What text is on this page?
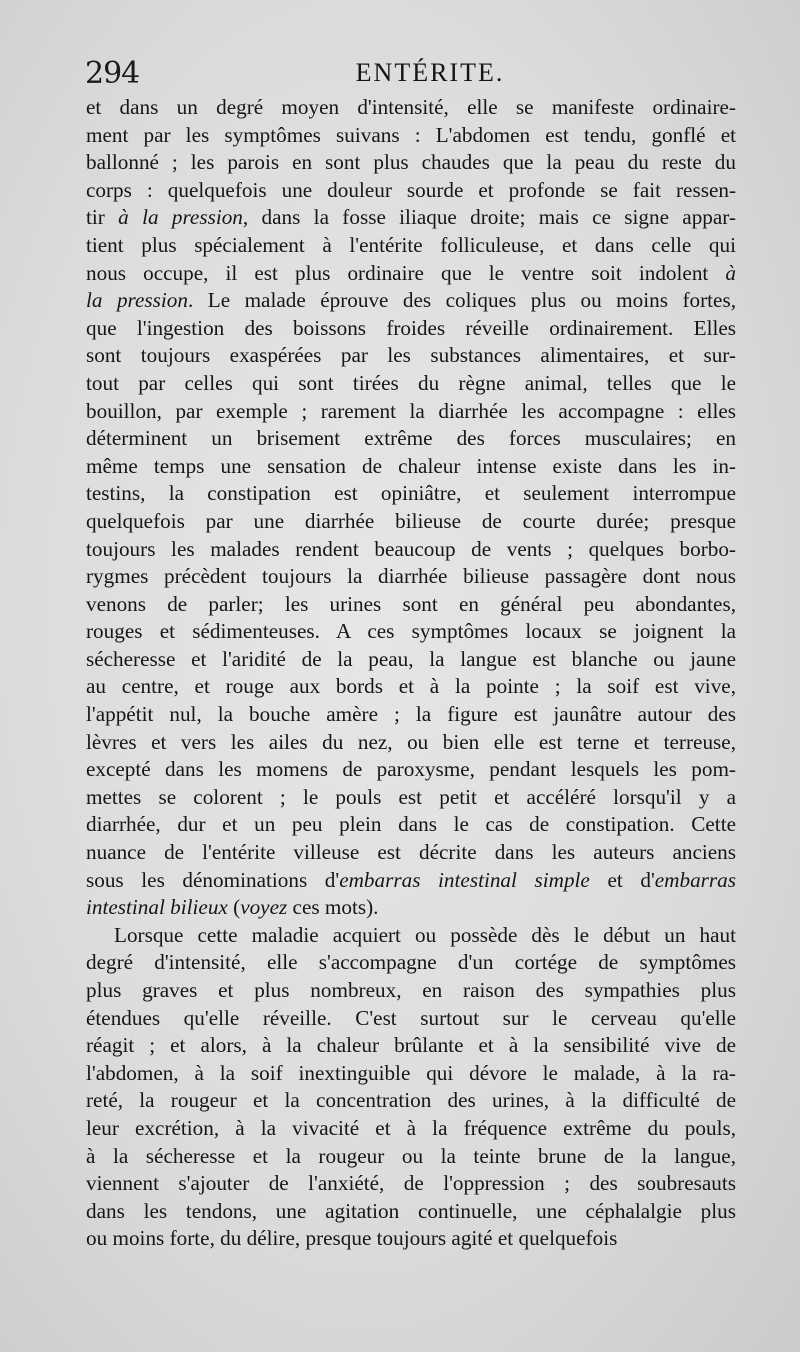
294	ENTÉRITE.
et dans un degré moyen d'intensité, elle se manifeste ordinaire-
ment par les symptômes suivans : L'abdomen est tendu, gonflé et
ballonné ; les parois en sont plus chaudes que la peau du reste du
corps : quelquefois une douleur sourde et profonde se fait ressen-
tir à la pression, dans la fosse iliaque droite; mais ce signe appar-
tient plus spécialement à l'entérite folliculeuse, et dans celle qui
nous occupe, il est plus ordinaire que le ventre soit indolent à
la pression. Le malade éprouve des coliques plus ou moins fortes,
que l'ingestion des boissons froides réveille ordinairement. Elles
sont toujours exaspérées par les substances alimentaires, et sur-
tout par celles qui sont tirées du règne animal, telles que le
bouillon, par exemple ; rarement la diarrhée les accompagne : elles
déterminent un brisement extrême des forces musculaires; en
même temps une sensation de chaleur intense existe dans les in-
testins, la constipation est opiniâtre, et seulement interrompue
quelquefois par une diarrhée bilieuse de courte durée; presque
toujours les malades rendent beaucoup de vents ; quelques borbo-
rygmes précèdent toujours la diarrhée bilieuse passagère dont nous
venons de parler; les urines sont en général peu abondantes,
rouges et sédimenteuses. A ces symptômes locaux se joignent la
sécheresse et l'aridité de la peau, la langue est blanche ou jaune
au centre, et rouge aux bords et à la pointe ; la soif est vive,
l'appétit nul, la bouche amère ; la figure est jaunâtre autour des
lèvres et vers les ailes du nez, ou bien elle est terne et terreuse,
excepté dans les momens de paroxysme, pendant lesquels les pom-
mettes se colorent ; le pouls est petit et accéléré lorsqu'il y a
diarrhée, dur et un peu plein dans le cas de constipation. Cette
nuance de l'entérite villeuse est décrite dans les auteurs anciens
sous les dénominations d'embarras intestinal simple et d'embarras
intestinal bilieux (voyez ces mots).
Lorsque cette maladie acquiert ou possède dès le début un haut
degré d'intensité, elle s'accompagne d'un cortége de symptômes
plus graves et plus nombreux, en raison des sympathies plus
étendues qu'elle réveille. C'est surtout sur le cerveau qu'elle
réagit ; et alors, à la chaleur brûlante et à la sensibilité vive de
l'abdomen, à la soif inextinguible qui dévore le malade, à la ra-
reté, la rougeur et la concentration des urines, à la difficulté de
leur excrétion, à la vivacité et à la fréquence extrême du pouls,
à la sécheresse et la rougeur ou la teinte brune de la langue,
viennent s'ajouter de l'anxiété, de l'oppression ; des soubresauts
dans les tendons, une agitation continuelle, une céphalalgie plus
ou moins forte, du délire, presque toujours agité et quelquefois
